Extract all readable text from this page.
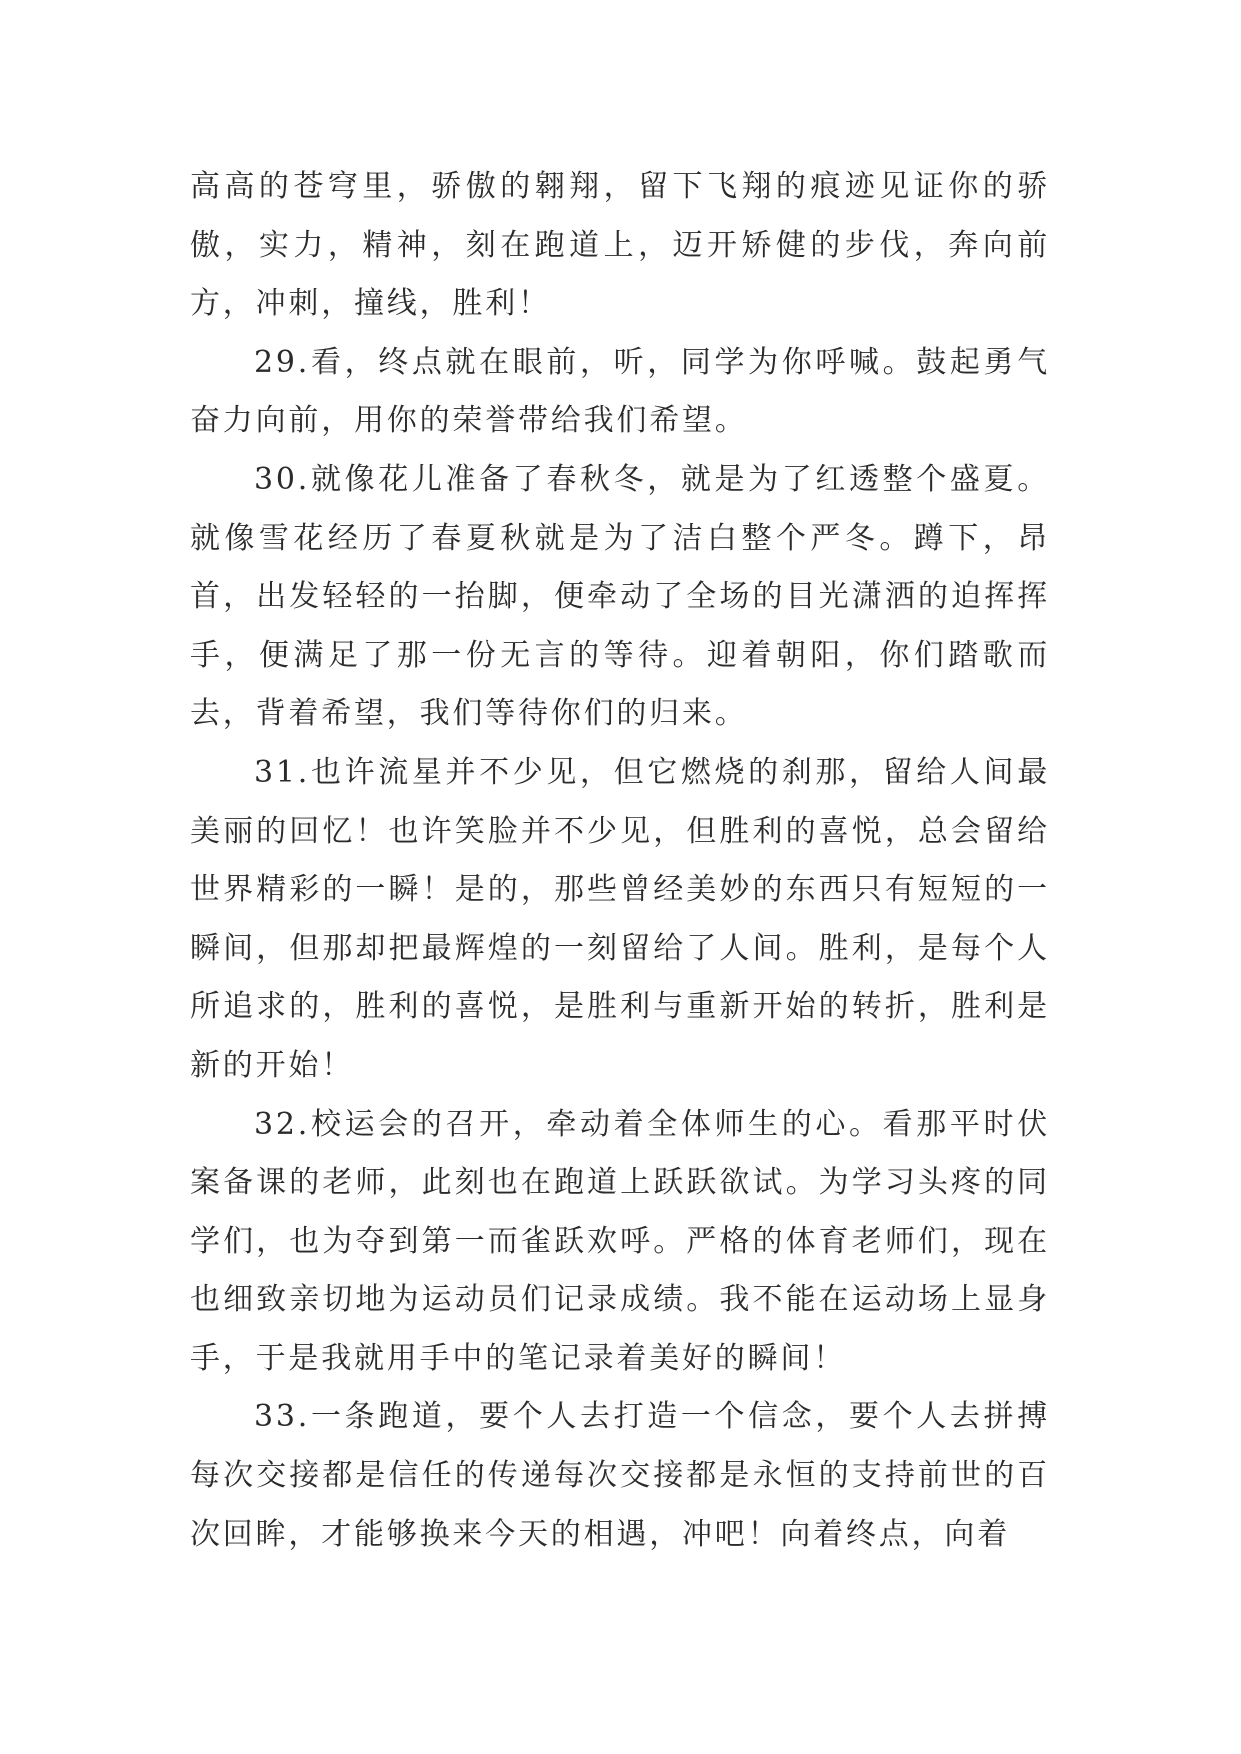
高高的苍穹里，骄傲的翱翔，留下飞翔的痕迹见证你的骄傲，实力，精神，刻在跑道上，迈开矫健的步伐，奔向前方，冲刺，撞线，胜利！

29.看，终点就在眼前，听，同学为你呼喊。鼓起勇气奋力向前，用你的荣誉带给我们希望。

30.就像花儿准备了春秋冬，就是为了红透整个盛夏。就像雪花经历了春夏秋就是为了洁白整个严冬。蹲下，昂首，出发轻轻的一抬脚，便牵动了全场的目光潇洒的迫挥挥手，便满足了那一份无言的等待。迎着朝阳，你们踏歌而去，背着希望，我们等待你们的归来。

31.也许流星并不少见，但它燃烧的刹那，留给人间最美丽的回忆！也许笑脸并不少见，但胜利的喜悦，总会留给世界精彩的一瞬！是的，那些曾经美妙的东西只有短短的一瞬间，但那却把最辉煌的一刻留给了人间。胜利，是每个人所追求的，胜利的喜悦，是胜利与重新开始的转折，胜利是新的开始！

32.校运会的召开，牵动着全体师生的心。看那平时伏案备课的老师，此刻也在跑道上跃跃欲试。为学习头疼的同学们，也为夺到第一而雀跃欢呼。严格的体育老师们，现在也细致亲切地为运动员们记录成绩。我不能在运动场上显身手，于是我就用手中的笔记录着美好的瞬间！

33.一条跑道，要个人去打造一个信念，要个人去拼搏每次交接都是信任的传递每次交接都是永恒的支持前世的百次回眸，才能够换来今天的相遇，冲吧！向着终点，向着
